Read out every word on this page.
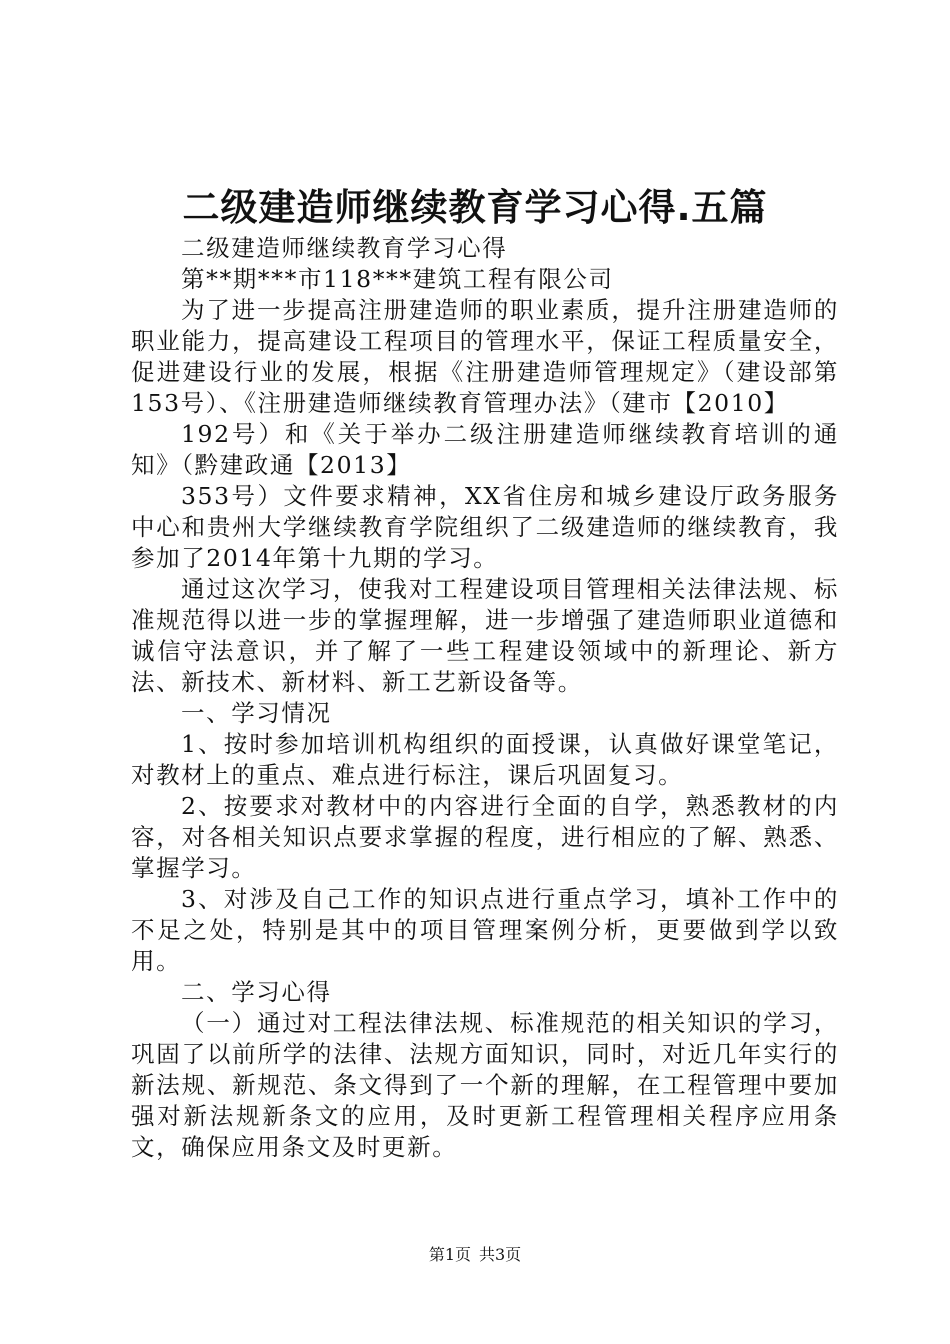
二级建造师继续教育学习心得.五篇

二级建造师继续教育学习心得

第**期***市118***建筑工程有限公司

为了进一步提高注册建造师的职业素质，提升注册建造师的职业能力，提高建设工程项目的管理水平，保证工程质量安全，促进建设行业的发展，根据《注册建造师管理规定》（建设部第153号）、《注册建造师继续教育管理办法》（建市【2010】

192号）和《关于举办二级注册建造师继续教育培训的通知》（黔建政通【2013】

353号）文件要求精神，XX省住房和城乡建设厅政务服务中心和贵州大学继续教育学院组织了二级建造师的继续教育，我参加了2014年第十九期的学习。

通过这次学习，使我对工程建设项目管理相关法律法规、标准规范得以进一步的掌握理解，进一步增强了建造师职业道德和诚信守法意识，并了解了一些工程建设领域中的新理论、新方法、新技术、新材料、新工艺新设备等。

一、学习情况

1、按时参加培训机构组织的面授课，认真做好课堂笔记，对教材上的重点、难点进行标注，课后巩固复习。

2、按要求对教材中的内容进行全面的自学，熟悉教材的内容，对各相关知识点要求掌握的程度，进行相应的了解、熟悉、掌握学习。

3、对涉及自己工作的知识点进行重点学习，填补工作中的不足之处，特别是其中的项目管理案例分析，更要做到学以致用。

二、学习心得

（一）通过对工程法律法规、标准规范的相关知识的学习，巩固了以前所学的法律、法规方面知识，同时，对近几年实行的新法规、新规范、条文得到了一个新的理解，在工程管理中要加强对新法规新条文的应用，及时更新工程管理相关程序应用条文，确保应用条文及时更新。

第1页 共3页
